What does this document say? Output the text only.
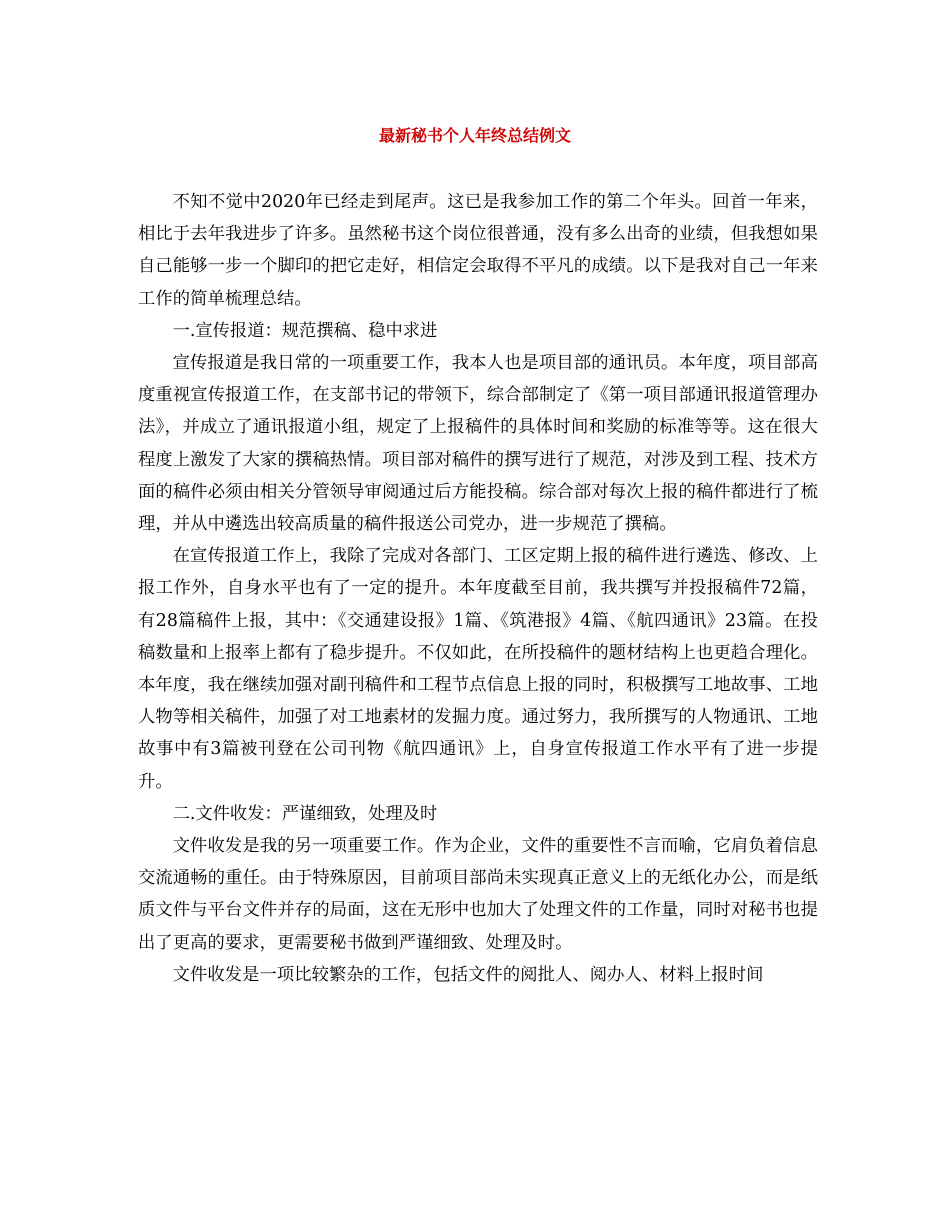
最新秘书个人年终总结例文

不知不觉中2020年已经走到尾声。这已是我参加工作的第二个年头。回首一年来，相比于去年我进步了许多。虽然秘书这个岗位很普通，没有多么出奇的业绩，但我想如果自己能够一步一个脚印的把它走好，相信定会取得不平凡的成绩。以下是我对自己一年来工作的简单梳理总结。

一.宣传报道：规范撰稿、稳中求进

宣传报道是我日常的一项重要工作，我本人也是项目部的通讯员。本年度，项目部高度重视宣传报道工作，在支部书记的带领下，综合部制定了《第一项目部通讯报道管理办法》，并成立了通讯报道小组，规定了上报稿件的具体时间和奖励的标准等等。这在很大程度上激发了大家的撰稿热情。项目部对稿件的撰写进行了规范，对涉及到工程、技术方面的稿件必须由相关分管领导审阅通过后方能投稿。综合部对每次上报的稿件都进行了梳理，并从中遴选出较高质量的稿件报送公司党办，进一步规范了撰稿。

在宣传报道工作上，我除了完成对各部门、工区定期上报的稿件进行遴选、修改、上报工作外，自身水平也有了一定的提升。本年度截至目前，我共撰写并投报稿件72篇，有28篇稿件上报，其中：《交通建设报》1篇、《筑港报》4篇、《航四通讯》23篇。在投稿数量和上报率上都有了稳步提升。不仅如此，在所投稿件的题材结构上也更趋合理化。本年度，我在继续加强对副刊稿件和工程节点信息上报的同时，积极撰写工地故事、工地人物等相关稿件，加强了对工地素材的发掘力度。通过努力，我所撰写的人物通讯、工地故事中有3篇被刊登在公司刊物《航四通讯》上，自身宣传报道工作水平有了进一步提升。

二.文件收发：严谨细致，处理及时

文件收发是我的另一项重要工作。作为企业，文件的重要性不言而喻，它肩负着信息交流通畅的重任。由于特殊原因，目前项目部尚未实现真正意义上的无纸化办公，而是纸质文件与平台文件并存的局面，这在无形中也加大了处理文件的工作量，同时对秘书也提出了更高的要求，更需要秘书做到严谨细致、处理及时。

文件收发是一项比较繁杂的工作，包括文件的阅批人、阅办人、材料上报时间
